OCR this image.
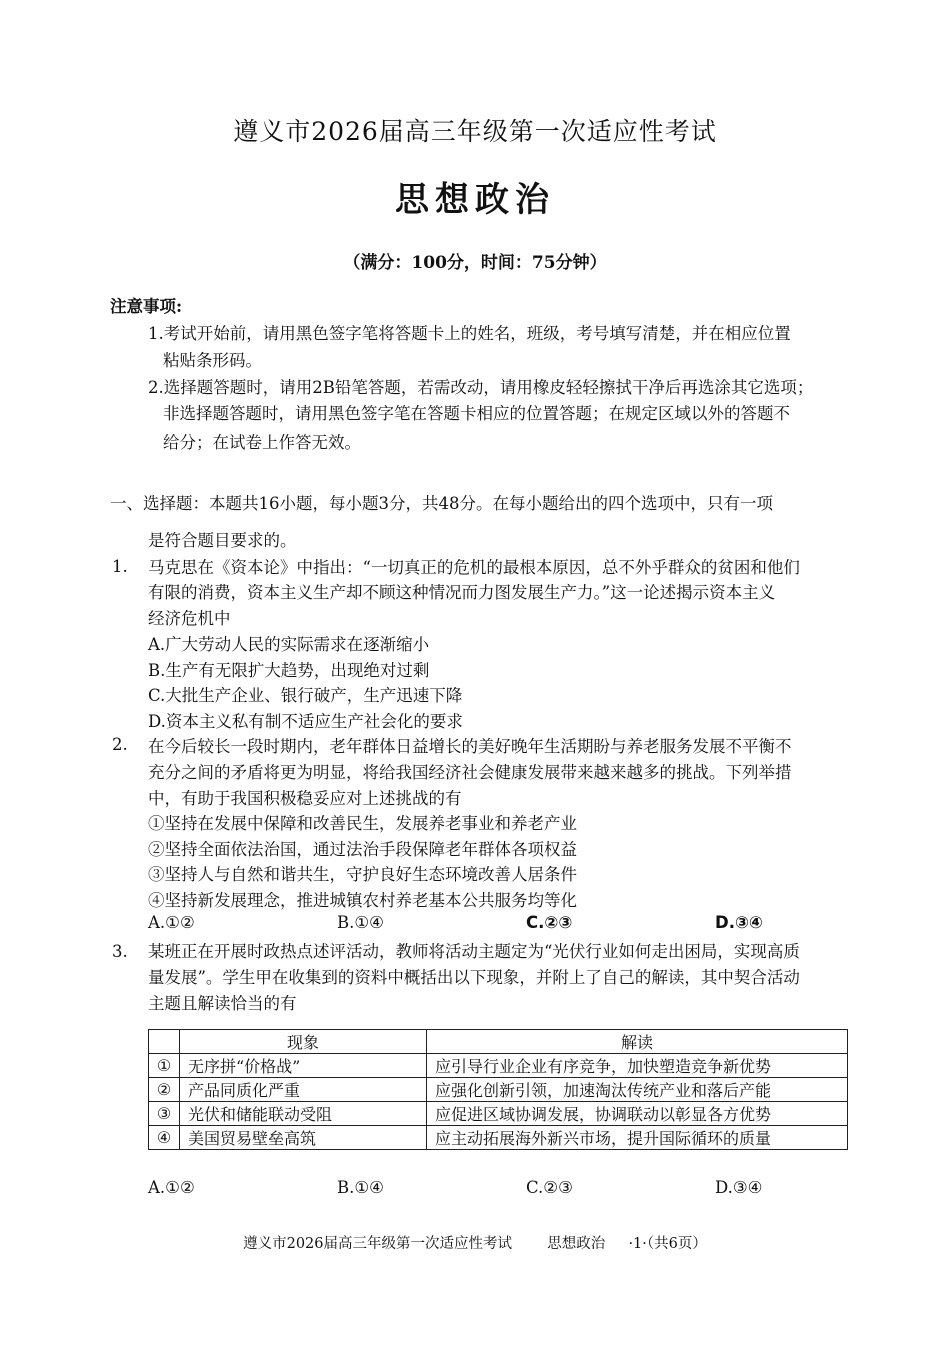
遵义市2026届高三年级第一次适应性考试
思想政治
（满分：100分，时间：75分钟）
注意事项:
1.考试开始前，请用黑色签字笔将答题卡上的姓名，班级，考号填写清楚，并在相应位置
粘贴条形码。
2.选择题答题时，请用2B铅笔答题，若需改动，请用橡皮轻轻擦拭干净后再选涂其它选项；
非选择题答题时，请用黑色签字笔在答题卡相应的位置答题；在规定区域以外的答题不
给分；在试卷上作答无效。
一、选择题：本题共16小题，每小题3分，共48分。在每小题给出的四个选项中，只有一项
是符合题目要求的。
1. 马克思在《资本论》中指出：“一切真正的危机的最根本原因，总不外乎群众的贫困和他们
有限的消费，资本主义生产却不顾这种情况而力图发展生产力。”这一论述揭示资本主义
经济危机中
A.广大劳动人民的实际需求在逐渐缩小
B.生产有无限扩大趋势，出现绝对过剩
C.大批生产企业、银行破产，生产迅速下降
D.资本主义私有制不适应生产社会化的要求
2. 在今后较长一段时期内，老年群体日益增长的美好晚年生活期盼与养老服务发展不平衡不
充分之间的矛盾将更为明显，将给我国经济社会健康发展带来越来越多的挑战。下列举措
中，有助于我国积极稳妥应对上述挑战的有
①坚持在发展中保障和改善民生，发展养老事业和养老产业
②坚持全面依法治国，通过法治手段保障老年群体各项权益
③坚持人与自然和谐共生，守护良好生态环境改善人居条件
④坚持新发展理念，推进城镇农村养老基本公共服务均等化
A.①②	B.①④	C.②③	D.③④
3. 某班正在开展时政热点述评活动，教师将活动主题定为“光伏行业如何走出困局，实现高质
量发展”。学生甲在收集到的资料中概括出以下现象，并附上了自己的解读，其中契合活动
主题且解读恰当的有
	现象	解读
①	无序拼“价格战”	应引导行业企业有序竞争，加快塑造竞争新优势
②	产品同质化严重	应强化创新引领，加速淘汰传统产业和落后产能
③	光伏和储能联动受阻	应促进区域协调发展，协调联动以彰显各方优势
④	美国贸易壁垒高筑	应主动拓展海外新兴市场，提升国际循环的质量
A.①②	B.①④	C.②③	D.③④
遵义市2026届高三年级第一次适应性考试 思想政治 ·1·（共6页）
